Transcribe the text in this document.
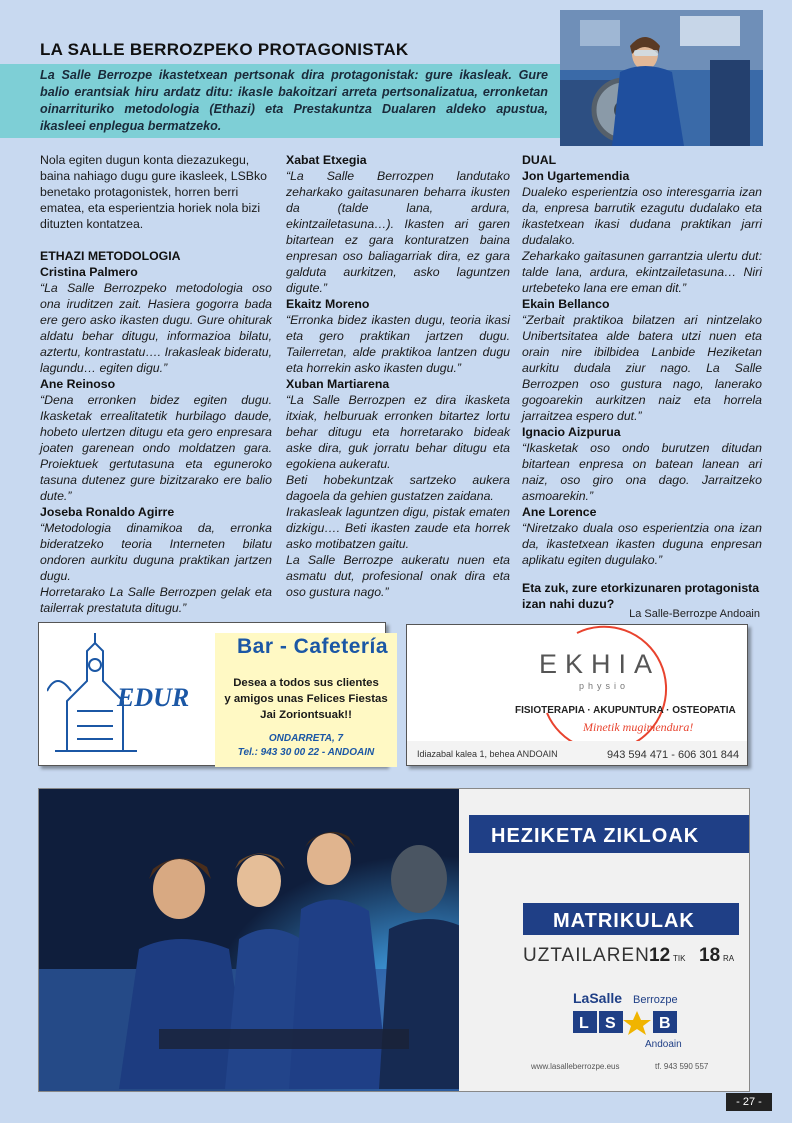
LA SALLE BERROZPEKO PROTAGONISTAK
La Salle Berrozpe ikastetxean pertsonak dira protagonistak: gure ikasleak. Gure balio erantsiak hiru ardatz ditu: ikasle bakoitzari arreta pertsonalizatua, erronketan oinarrituriko metodologia (Ethazi) eta Prestakuntza Dualaren aldeko apustua, ikasleei enplegua bermatzeko.

Nola egiten dugun konta diezazukegu, baina nahiago dugu gure ikasleek, LSBko benetako protagonistek, horren berri ematea, eta esperientzia horiek nola bizi dituzten kontatzea.

ETHAZI METODOLOGIA

Cristina Palmero

“La Salle Berrozpeko metodologia oso ona iruditzen zait. Hasiera gogorra bada ere gero asko ikasten dugu. Gure ohiturak aldatu behar ditugu, informazioa bilatu, aztertu, kontrastatu…. Irakasleak bideratu, lagundu… egiten digu.”

Ane Reinoso

“Dena erronken bidez egiten dugu. Ikasketak errealitatetik hurbilago daude, hobeto ulertzen ditugu eta gero enpresara joaten garenean ondo moldatzen gara. Proiektuek gertutasuna eta eguneroko tasuna dutenez gure bizitzarako ere balio dute.”

Joseba Ronaldo Agirre

“Metodologia dinamikoa da, erronka bideratzeko teoria Interneten bilatu ondoren aurkitu duguna praktikan jartzen dugu.

Horretarako La Salle Berrozpen gelak eta tailerrak prestatuta ditugu.”

Xabat Etxegia

“La Salle Berrozpen landutako zeharkako gaitasunaren beharra ikusten da (talde lana, ardura, ekintzailetasuna…). Ikasten ari garen bitartean ez gara konturatzen baina enpresan oso baliagarriak dira, ez gara galduta aurkitzen, asko laguntzen digute.”

Ekaitz Moreno

“Erronka bidez ikasten dugu, teoria ikasi eta gero praktikan jartzen dugu. Tailerretan, alde praktikoa lantzen dugu eta horrekin asko ikasten dugu.”

Xuban Martiarena

“La Salle Berrozpen ez dira ikasketa itxiak, helburuak erronken bitartez lortu behar ditugu eta horretarako bideak aske dira, guk jorratu behar ditugu eta egokiena aukeratu.

Beti hobekuntzak sartzeko aukera dagoela da gehien gustatzen zaidana.

Irakasleak laguntzen digu, pistak ematen dizkigu…. Beti ikasten zaude eta horrek asko motibatzen gaitu.

La Salle Berrozpe aukeratu nuen eta asmatu dut, profesional onak dira eta oso gustura nago.”

DUAL

Jon Ugartemendia

Dualeko esperientzia oso interesgarria izan da, enpresa barrutik ezagutu dudalako eta ikastetxean ikasi dudana praktikan jarri dudalako.

Zeharkako gaitasunen garrantzia ulertu dut: talde lana, ardura, ekintzailetasuna… Niri urtebeteko lana ere eman dit.”

Ekain Bellanco

“Zerbait praktikoa bilatzen ari nintzelako Unibertsitatea alde batera utzi nuen eta orain nire ibilbidea Lanbide Heziketan aurkitu dudala ziur nago. La Salle Berrozpen oso gustura nago, lanerako gogoarekin aurkitzen naiz eta horrela jarraitzea espero dut.”

Ignacio Aizpurua

“Ikasketak oso ondo burutzen ditudan bitartean enpresa on batean lanean ari naiz, oso giro ona dago. Jarraitzeko asmoarekin.”

Ane Lorence

“Niretzako duala oso esperientzia ona izan da, ikastetxean ikasten duguna enpresan aplikatu egiten dugulako.”

Eta zuk, zure etorkizunaren protagonista izan nahi duzu?

La Salle-Berrozpe Andoain
EDUR
Bar - Cafetería
Desea a todos sus clientes
y amigos unas Felices Fiestas
Jai Zoriontsuak!!
ONDARRETA, 7
Tel.: 943 30 00 22 - ANDOAIN
EKHIA
physio
FISIOTERAPIA · AKUPUNTURA · OSTEOPATIA
Minetik mugimendura!
Idiazabal kalea 1, behea ANDOAIN	943 594 471 - 606 301 844
HEZIKETA ZIKLOAK
MATRIKULAK
UZTAILAREN 12 TIK 18 RA
LaSalle Berrozpe
L S	B
Andoain
www.lasalleberrozpe.eus	tf. 943 590 557
- 27 -
